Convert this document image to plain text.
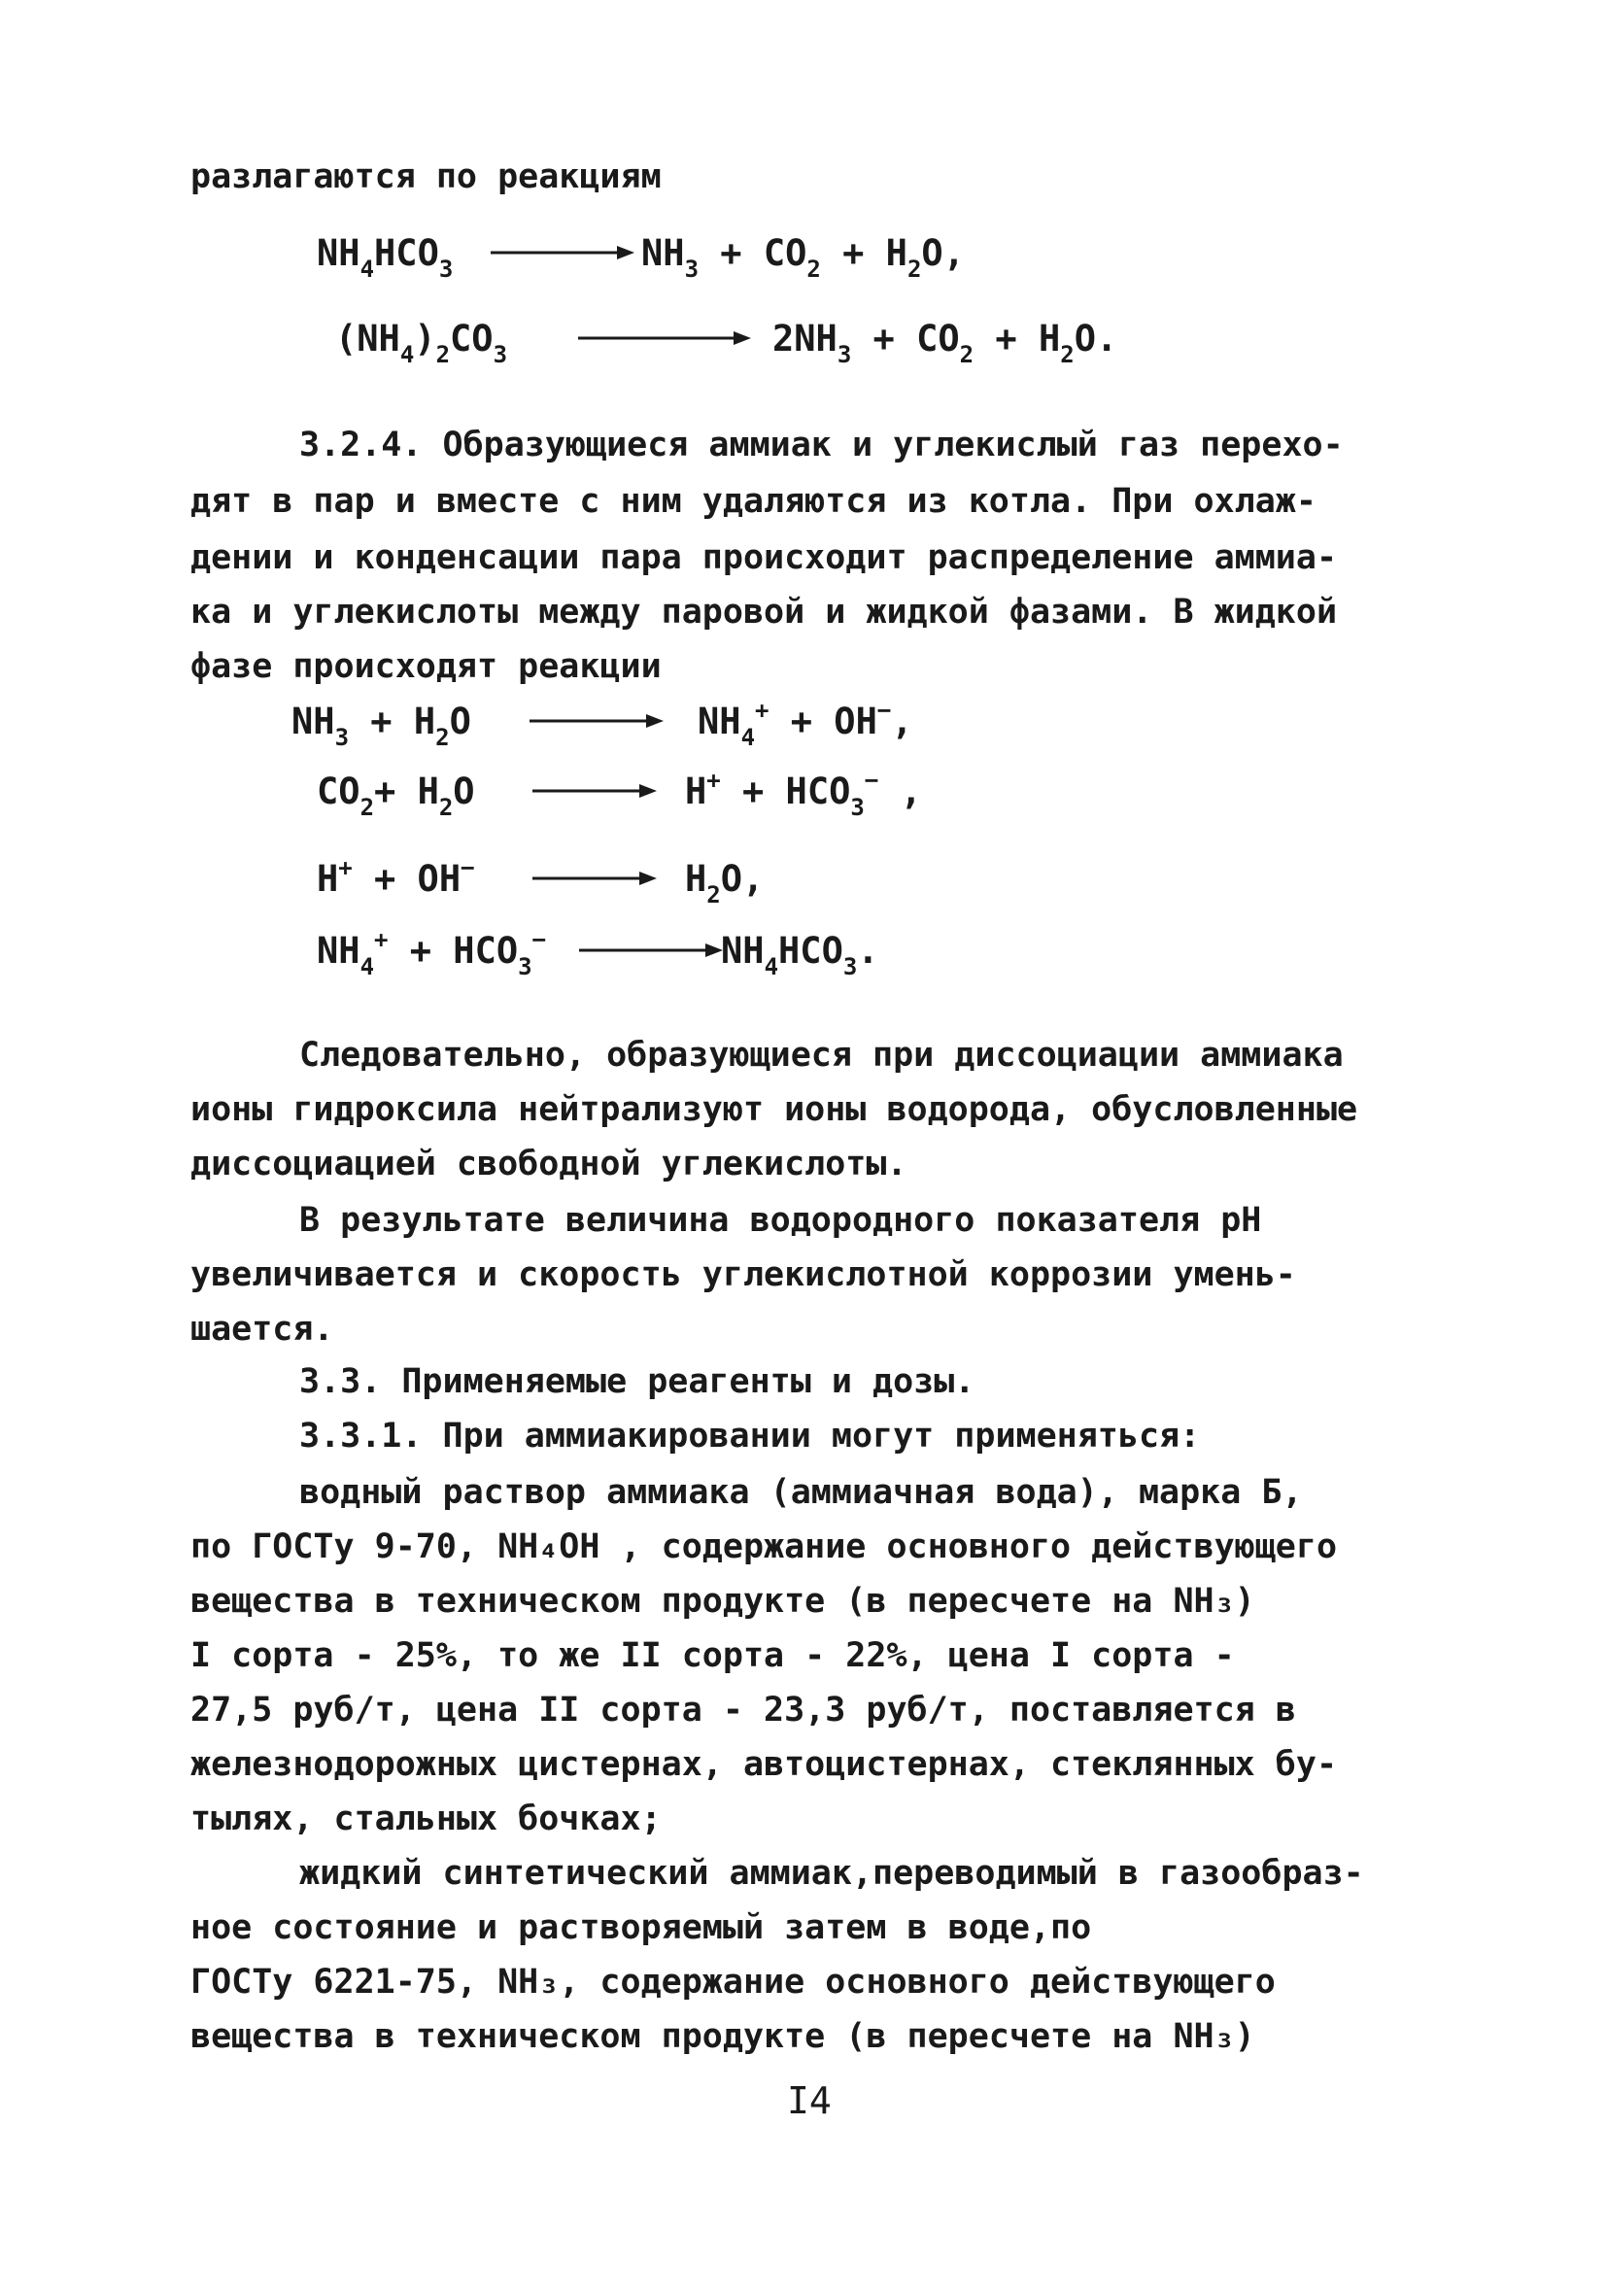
разлагаются по реакциям
$NH_4HCO_3$	$NH_3 + CO_2 + H_2O$,
$(NH_4)_2CO_3$	$2NH_3 + CO_2 + H_2O$.
3.2.4. Образующиеся аммиак и углекислый газ перехо-
дят в пар и вместе с ним удаляются из котла. При охлаж-
дении и конденсации пара происходит распределение аммиа-
ка и углекислоты между паровой и жидкой фазами. В жидкой
фазе происходят реакции
$NH_3 + H_2O$	$NH_4^+ + OH^-$,
$CO_2+ H_2O$	$H^+ + HCO_3^-$ ,
H+ + OH−	$H_2O$,
$NH_4^+ + HCO_3^-$	$NH_4HCO_3$.
Следовательно, образующиеся при диссоциации аммиака
ионы гидроксила нейтрализуют ионы водорода, обусловленные
диссоциацией свободной углекислоты.
В результате величина водородного показателя pH
увеличивается и скорость углекислотной коррозии умень-
шается.
3.3. Применяемые реагенты и дозы.
3.3.1. При аммиакировании могут применяться:
водный раствор аммиака (аммиачная вода), марка Б,
по ГОСТу 9-70, NH₄OH , содержание основного действующего
вещества в техническом продукте (в пересчете на NH₃)
I сорта - 25%, то же II сорта - 22%, цена I сорта -
27,5 руб/т, цена II сорта - 23,3 руб/т, поставляется в
железнодорожных цистернах, автоцистернах, стеклянных бу-
тылях, стальных бочках;
жидкий синтетический аммиак,переводимый в газообраз-
ное состояние и растворяемый затем в воде,по
ГОСТу 6221-75, NH₃, содержание основного действующего
вещества в техническом продукте (в пересчете на NH₃)
I4
